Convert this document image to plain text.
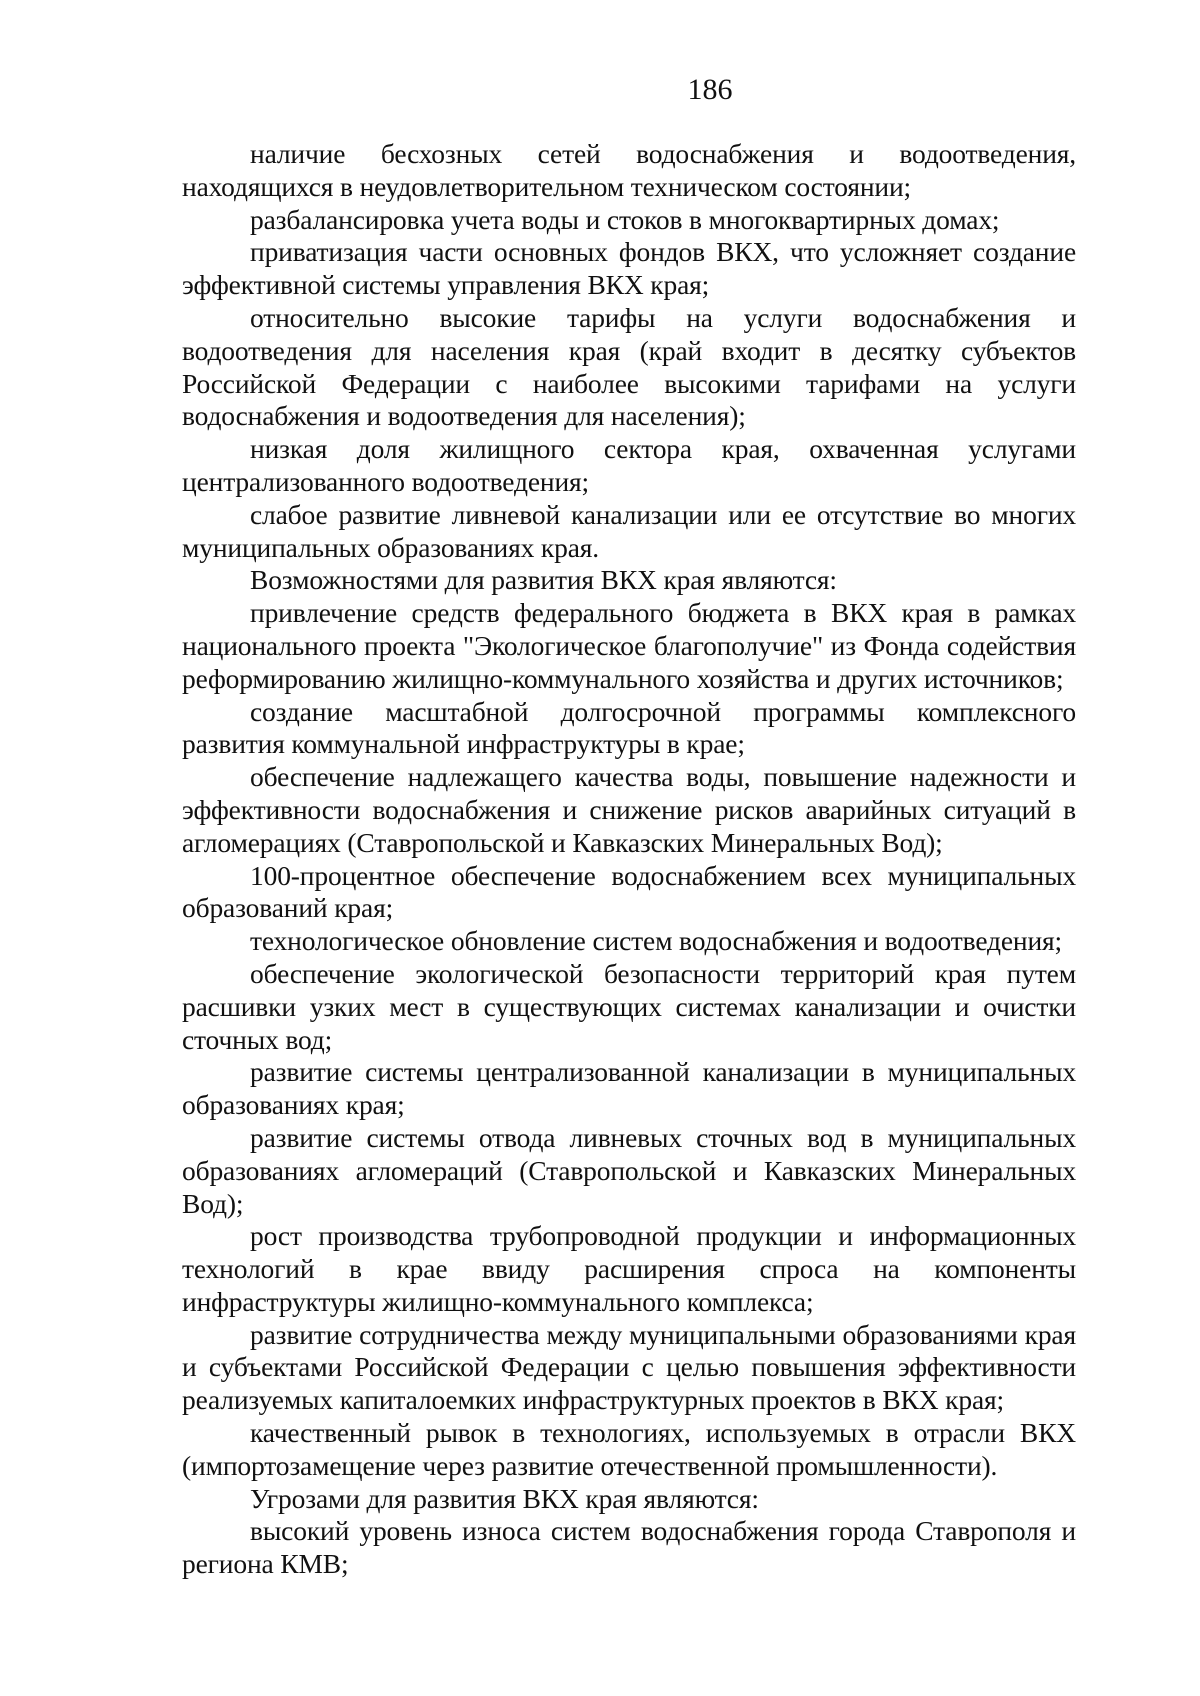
186

наличие бесхозных сетей водоснабжения и водоотведения, находящихся в неудовлетворительном техническом состоянии;

разбалансировка учета воды и стоков в многоквартирных домах;

приватизация части основных фондов ВКХ, что усложняет создание эффективной системы управления ВКХ края;

относительно высокие тарифы на услуги водоснабжения и водоотведения для населения края (край входит в десятку субъектов Российской Федерации с наиболее высокими тарифами на услуги водоснабжения и водоотведения для населения);

низкая доля жилищного сектора края, охваченная услугами централизованного водоотведения;

слабое развитие ливневой канализации или ее отсутствие во многих муниципальных образованиях края.

Возможностями для развития ВКХ края являются:

привлечение средств федерального бюджета в ВКХ края в рамках национального проекта "Экологическое благополучие" из Фонда содействия реформированию жилищно-коммунального хозяйства и других источников;

создание масштабной долгосрочной программы комплексного развития коммунальной инфраструктуры в крае;

обеспечение надлежащего качества воды, повышение надежности и эффективности водоснабжения и снижение рисков аварийных ситуаций в агломерациях (Ставропольской и Кавказских Минеральных Вод);

100-процентное обеспечение водоснабжением всех муниципальных образований края;

технологическое обновление систем водоснабжения и водоотведения;

обеспечение экологической безопасности территорий края путем расшивки узких мест в существующих системах канализации и очистки сточных вод;

развитие системы централизованной канализации в муниципальных образованиях края;

развитие системы отвода ливневых сточных вод в муниципальных образованиях агломераций (Ставропольской и Кавказских Минеральных Вод);

рост производства трубопроводной продукции и информационных технологий в крае ввиду расширения спроса на компоненты инфраструктуры жилищно-коммунального комплекса;

развитие сотрудничества между муниципальными образованиями края и субъектами Российской Федерации с целью повышения эффективности реализуемых капиталоемких инфраструктурных проектов в ВКХ края;

качественный рывок в технологиях, используемых в отрасли ВКХ (импортозамещение через развитие отечественной промышленности).

Угрозами для развития ВКХ края являются:

высокий уровень износа систем водоснабжения города Ставрополя и региона КМВ;
